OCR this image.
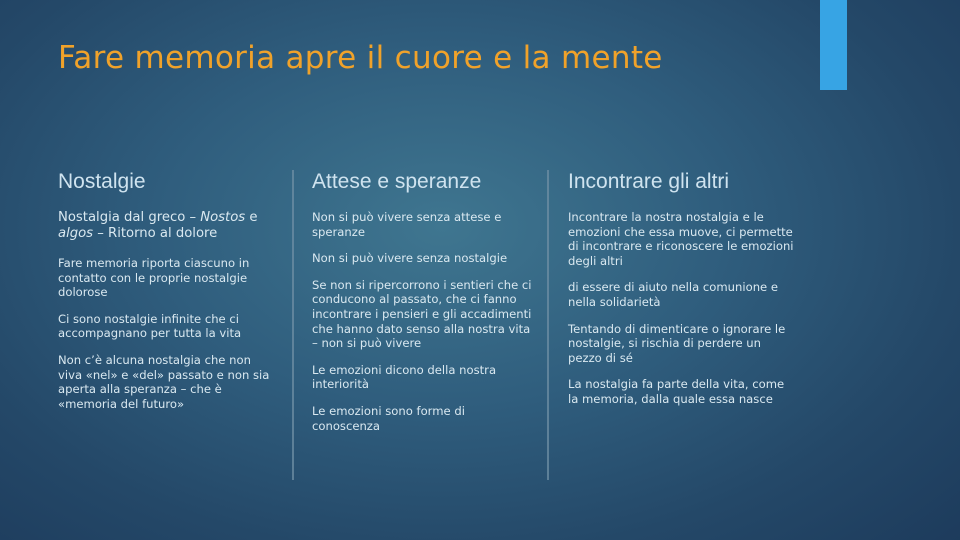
Fare memoria apre il cuore e la mente
Nostalgie

Nostalgia dal greco – Nostos e algos – Ritorno al dolore

Fare memoria riporta ciascuno in contatto con le proprie nostalgie dolorose

Ci sono nostalgie infinite che ci accompagnano per tutta la vita

Non c’è alcuna nostalgia che non viva «nel» e «del» passato e non sia aperta alla speranza – che è «memoria del futuro»

Attese e speranze

Non si può vivere senza attese e speranze

Non si può vivere senza nostalgie

Se non si ripercorrono i sentieri che ci conducono al passato, che ci fanno incontrare i pensieri e gli accadimenti che hanno dato senso alla nostra vita – non si può vivere

Le emozioni dicono della nostra interiorità

Le emozioni sono forme di conoscenza

Incontrare gli altri

Incontrare la nostra nostalgia e le emozioni che essa muove, ci permette di incontrare e riconoscere le emozioni degli altri

di essere di aiuto nella comunione e nella solidarietà

Tentando di dimenticare o ignorare le nostalgie, si rischia di perdere un pezzo di sé

La nostalgia fa parte della vita, come la memoria, dalla quale essa nasce
